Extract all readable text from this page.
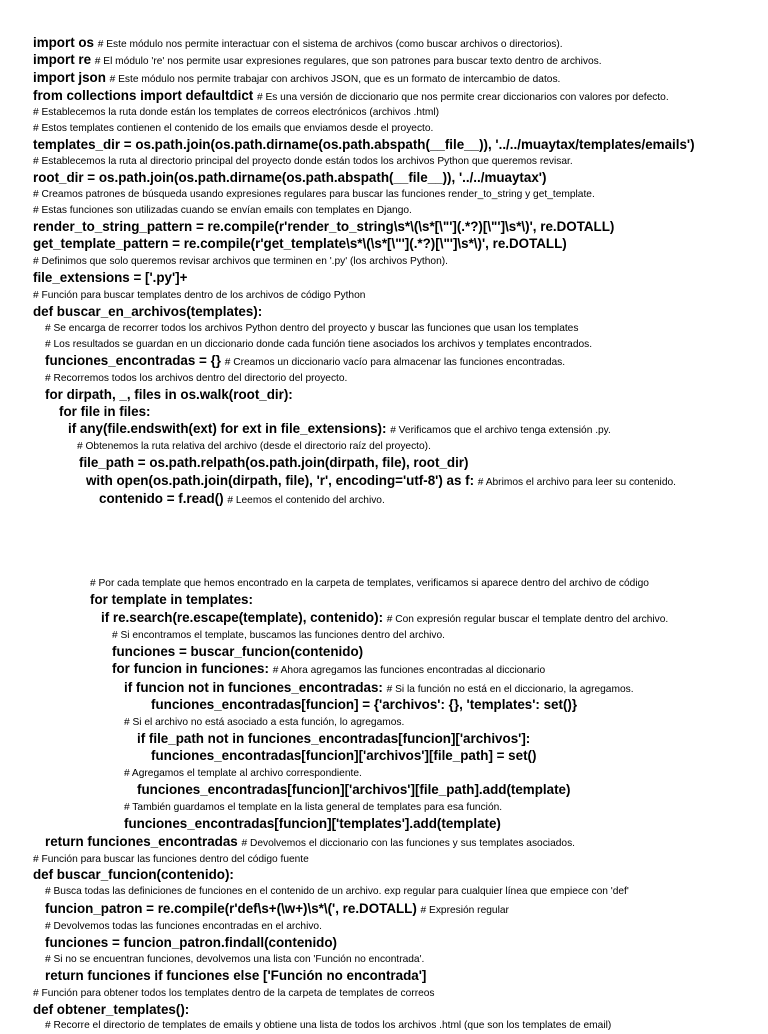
import os # Este módulo nos permite interactuar con el sistema de archivos (como buscar archivos o directorios).
import re # El módulo 're' nos permite usar expresiones regulares, que son patrones para buscar texto dentro de archivos.
import json # Este módulo nos permite trabajar con archivos JSON, que es un formato de intercambio de datos.
from collections import defaultdict # Es una versión de diccionario que nos permite crear diccionarios con valores por defecto.
# Establecemos la ruta donde están los templates de correos electrónicos (archivos .html)
# Estos templates contienen el contenido de los emails que enviamos desde el proyecto.
templates_dir = os.path.join(os.path.dirname(os.path.abspath(__file__)), '../../muaytax/templates/emails')
# Establecemos la ruta al directorio principal del proyecto donde están todos los archivos Python que queremos revisar.
root_dir = os.path.join(os.path.dirname(os.path.abspath(__file__)), '../../muaytax')
# Creamos patrones de búsqueda usando expresiones regulares para buscar las funciones render_to_string y get_template.
# Estas funciones son utilizadas cuando se envían emails con templates en Django.
render_to_string_pattern = re.compile(r'render_to_string\s*\(\s*[\"'](.*?)[\"']\s*\)', re.DOTALL)
get_template_pattern = re.compile(r'get_template\s*\(\s*[\"'](.*?)[\"']\s*\)', re.DOTALL)
# Definimos que solo queremos revisar archivos que terminen en '.py' (los archivos Python).
file_extensions = ['.py']+
# Función para buscar templates dentro de los archivos de código Python
def buscar_en_archivos(templates):
# Se encarga de recorrer todos los archivos Python dentro del proyecto y buscar las funciones que usan los templates
# Los resultados se guardan en un diccionario donde cada función tiene asociados los archivos y templates encontrados.
funciones_encontradas = {} # Creamos un diccionario vacío para almacenar las funciones encontradas.
# Recorremos todos los archivos dentro del directorio del proyecto.
for dirpath, _, files in os.walk(root_dir):
for file in files:
if any(file.endswith(ext) for ext in file_extensions): # Verificamos que el archivo tenga extensión .py.
# Obtenemos la ruta relativa del archivo (desde el directorio raíz del proyecto).
file_path = os.path.relpath(os.path.join(dirpath, file), root_dir)
with open(os.path.join(dirpath, file), 'r', encoding='utf-8') as f: # Abrimos el archivo para leer su contenido.
contenido = f.read() # Leemos el contenido del archivo.
# Por cada template que hemos encontrado en la carpeta de templates, verificamos si aparece dentro del archivo de código
for template in templates:
if re.search(re.escape(template), contenido): # Con expresión regular buscar el template dentro del archivo.
# Si encontramos el template, buscamos las funciones dentro del archivo.
funciones = buscar_funcion(contenido)
for funcion in funciones: # Ahora agregamos las funciones encontradas al diccionario
if funcion not in funciones_encontradas: # Si la función no está en el diccionario, la agregamos.
funciones_encontradas[funcion] = {'archivos': {}, 'templates': set()}
# Si el archivo no está asociado a esta función, lo agregamos.
if file_path not in funciones_encontradas[funcion]['archivos']:
funciones_encontradas[funcion]['archivos'][file_path] = set()
# Agregamos el template al archivo correspondiente.
funciones_encontradas[funcion]['archivos'][file_path].add(template)
# También guardamos el template en la lista general de templates para esa función.
funciones_encontradas[funcion]['templates'].add(template)
return funciones_encontradas # Devolvemos el diccionario con las funciones y sus templates asociados.
# Función para buscar las funciones dentro del código fuente
def buscar_funcion(contenido):
# Busca todas las definiciones de funciones en el contenido de un archivo. exp regular para cualquier línea que empiece con 'def'
funcion_patron = re.compile(r'def\s+(\w+)\s*\(', re.DOTALL) # Expresión regular
# Devolvemos todas las funciones encontradas en el archivo.
funciones = funcion_patron.findall(contenido)
# Si no se encuentran funciones, devolvemos una lista con 'Función no encontrada'.
return funciones if funciones else ['Función no encontrada']
# Función para obtener todos los templates dentro de la carpeta de templates de correos
def obtener_templates():
# Recorre el directorio de templates de emails y obtiene una lista de todos los archivos .html (que son los templates de email)
